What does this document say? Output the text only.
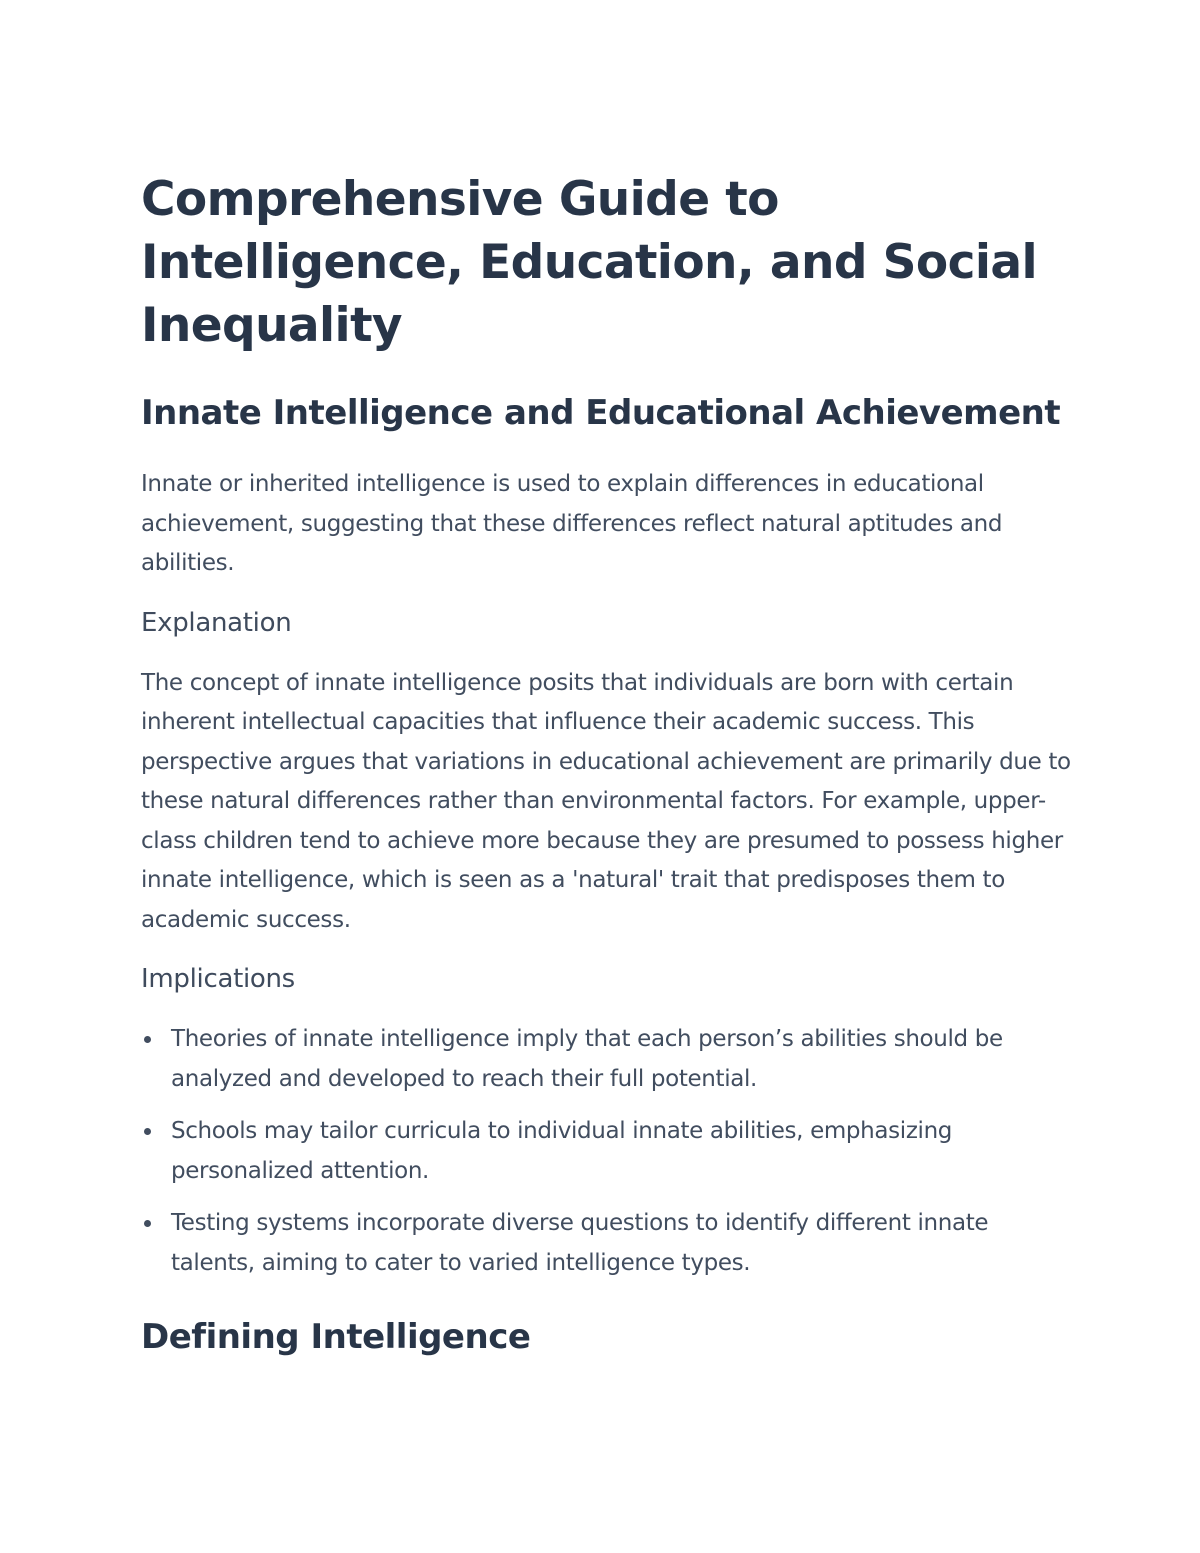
Comprehensive Guide to Intelligence, Education, and Social Inequality
Innate Intelligence and Educational Achievement

Innate or inherited intelligence is used to explain differences in educational achievement, suggesting that these differences reflect natural aptitudes and abilities.

Explanation

The concept of innate intelligence posits that individuals are born with certain inherent intellectual capacities that influence their academic success. This perspective argues that variations in educational achievement are primarily due to these natural differences rather than environmental factors. For example, upper-class children tend to achieve more because they are presumed to possess higher innate intelligence, which is seen as a 'natural' trait that predisposes them to academic success.

Implications
Theories of innate intelligence imply that each person’s abilities should be analyzed and developed to reach their full potential.
Schools may tailor curricula to individual innate abilities, emphasizing personalized attention.
Testing systems incorporate diverse questions to identify different innate talents, aiming to cater to varied intelligence types.
Defining Intelligence
